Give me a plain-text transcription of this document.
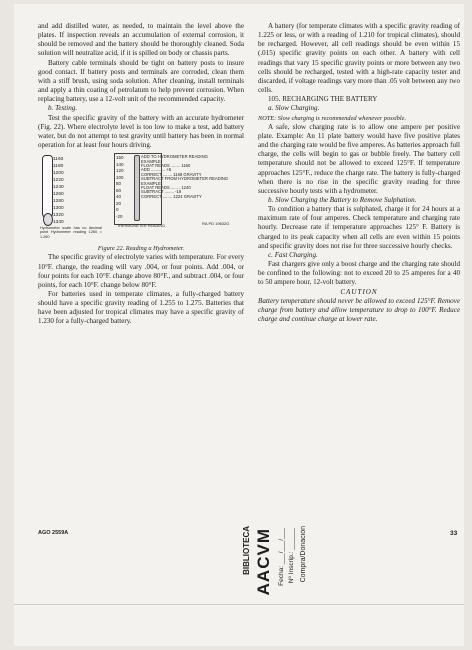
and add distilled water, as needed, to maintain the level above the plates. If inspection reveals an accumulation of external corrosion, it should be removed and the battery should be thoroughly cleaned. Soda solution will neutralize acid, if it is spilled on body or chassis parts.

Battery cable terminals should be tight on battery posts to insure good contact. If battery posts and terminals are corroded, clean them with a stiff brush, using soda solution. After cleaning, install terminals and apply a thin coating of petrolatum to help prevent corrosion. When replacing battery, use a 12-volt unit of the recommended capacity.

b. Testing.

Test the specific gravity of the battery with an accurate hydrometer (Fig. 22). Where electrolyte level is too low to make a test, add battery water, but do not attempt to test gravity until battery has been in normal operation for at least four hours driving.

1160
1180
1200
1220
1240
1260
1280
1300
1320
1340
Hydrometer scale has no decimal point Hydrometer reading 1260 = 1.260
160
140
120
100
80
60
40
20
0
-20
ADD TO HYDROMETER READING
EXAMPLE:
FLOAT READS ........ 1160
ADD ............ +8
CORRECT ........ 1168 GRAVITY
SUBTRACT FROM HYDROMETER READING
EXAMPLE:
FLOAT READS ........ 1240
SUBTRACT ........ -16
CORRECT ........ 1224 GRAVITY
THERMOMETER READING	RA PD 19632G

Figure 22. Reading a Hydrometer.

The specific gravity of electrolyte varies with temperature. For every 10°F. change, the reading will vary .004, or four points. Add .004, or four points for each 10°F. change above 80°F., and subtract .004, or four points, for each 10°F. change below 80°F.

For batteries used in temperate climates, a fully-charged battery should have a specific gravity reading of 1.255 to 1.275. Batteries that have been adjusted for tropical climates may have a specific gravity of 1.230 for a fully-charged battery.

A battery (for temperate climates with a specific gravity reading of 1.225 or less, or with a reading of 1.210 for tropical climates), should be recharged. However, all cell readings should be even within 15 (.015) specific gravity points on each other. A battery with cell readings that vary 15 specific gravity points or more between any two cells should be recharged, tested with a high-rate capacity tester and discarded, if voltage readings vary more than .05 volt between any two cells.

105. RECHARGING THE BATTERY

a. Slow Charging.

NOTE: Slow charging is recommended whenever possible.

A safe, slow charging rate is to allow one ampere per positive plate. Example: An 11 plate battery would have five positive plates and the charging rate would be five amperes. As batteries approach full charge, the cells will begin to gas or bubble freely. The battery cell temperature should not be allowed to exceed 125°F. If temperature approaches 125°F., reduce the charge rate. The battery is fully-charged when there is no rise in the specific gravity reading for three successive hourly tests with a hydrometer.

b. Slow Charging the Battery to Remove Sulphation.

To condition a battery that is sulphated, charge it for 24 hours at a maximum rate of four amperes. Check temperature and charging rate hourly. Decrease rate if temperature approaches 125° F. Battery is charged to its peak capacity when all cells are even within 15 points and specific gravity does not rise for three successive hourly checks.

c. Fast Charging.

Fast chargers give only a boost charge and the charging rate should be confined to the following: not to exceed 20 to 25 amperes for a 40 to 50 ampere hour, 12-volt battery.

CAUTION

Battery temperature should never be allowed to exceed 125°F. Remove charge from battery and allow temperature to drop to 100°F. Reduce charge and continue charge at lower rate.

AGO 2559A	33
BIBLIOTECA AACVM Fecha: ___/___/___ Nº Inscrip.: ______ Compra/Donación
